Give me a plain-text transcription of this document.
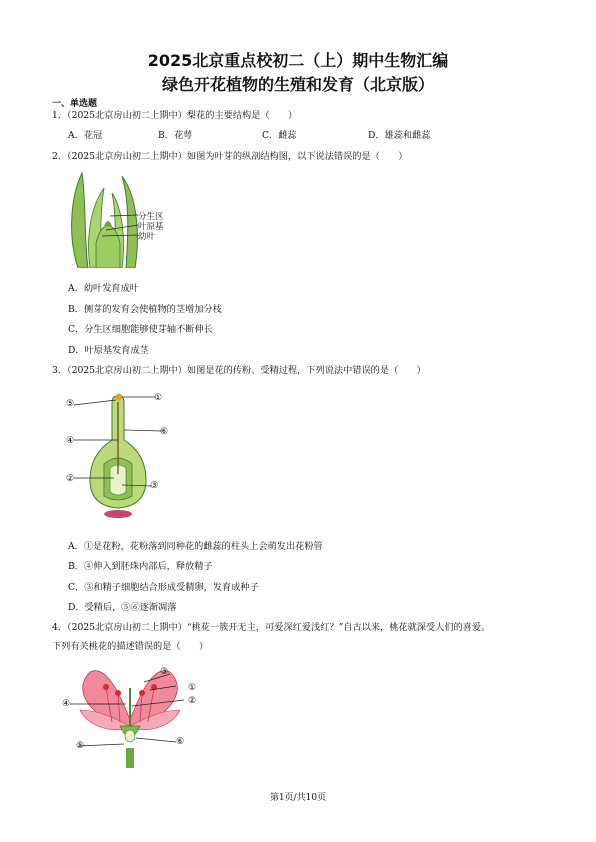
2025北京重点校初二（上）期中生物汇编
绿色开花植物的生殖和发育（北京版）
一、单选题
1．（2025北京房山初二上期中）梨花的主要结构是（　　）
A．花冠	B．花萼	C．雌蕊	D．雄蕊和雌蕊
2．（2025北京房山初二上期中）如图为叶芽的纵剖结构图，以下说法错误的是（　　）
分生区
叶原基
幼叶
A．幼叶发育成叶
B．侧芽的发育会使植物的茎增加分枝
C．分生区细胞能够使芽轴不断伸长
D．叶原基发育成茎
3．（2025北京房山初二上期中）如图是花的传粉、受精过程，下列说法中错误的是（　　）
⑤
①
⑥
④
②
③
A．①是花粉，花粉落到同种花的雌蕊的柱头上会萌发出花粉管
B．④伸入到胚珠内部后，释放精子
C．③和精子细胞结合形成受精卵，发育成种子
D．受精后，⑤⑥逐渐凋落
4．（2025北京房山初二上期中）“桃花一簇开无主，可爱深红爱浅红？”自古以来，桃花就深受人们的喜爱。
下列有关桃花的描述错误的是（　　）
③
①
④	②
⑤	⑥
第1页/共10页
